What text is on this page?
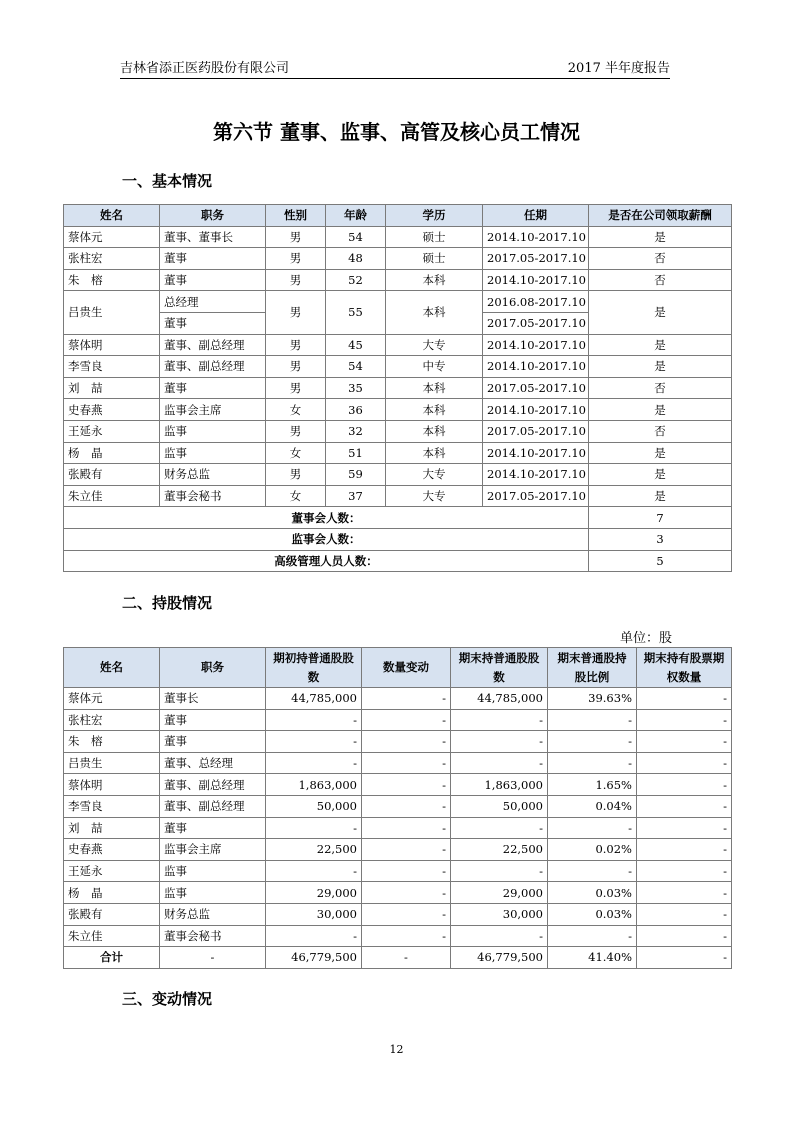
吉林省添正医药股份有限公司	2017 半年度报告
第六节 董事、监事、高管及核心员工情况
一、基本情况
姓名	职务	性别	年龄	学历	任期	是否在公司领取薪酬
蔡体元	董事、董事长	男	54	硕士	2014.10-2017.10	是
张柱宏	董事	男	48	硕士	2017.05-2017.10	否
朱　榕	董事	男	52	本科	2014.10-2017.10	否
吕贵生	总经理	男	55	本科	2016.08-2017.10	是
	董事				2017.05-2017.10	
蔡体明	董事、副总经理	男	45	大专	2014.10-2017.10	是
李雪良	董事、副总经理	男	54	中专	2014.10-2017.10	是
刘　喆	董事	男	35	本科	2017.05-2017.10	否
史春燕	监事会主席	女	36	本科	2014.10-2017.10	是
王延永	监事	男	32	本科	2017.05-2017.10	否
杨　晶	监事	女	51	本科	2014.10-2017.10	是
张殿有	财务总监	男	59	大专	2014.10-2017.10	是
朱立佳	董事会秘书	女	37	大专	2017.05-2017.10	是
董事会人数：						7
监事会人数：						3
高级管理人员人数：						5
二、持股情况
单位：股
姓名	职务	期初持普通股股数	数量变动	期末持普通股股数	期末普通股持股比例	期末持有股票期权数量
蔡体元	董事长	44,785,000	-	44,785,000	39.63%	-
张柱宏	董事	-	-	-	-	-
朱　榕	董事	-	-	-	-	-
吕贵生	董事、总经理	-	-	-	-	-
蔡体明	董事、副总经理	1,863,000	-	1,863,000	1.65%	-
李雪良	董事、副总经理	50,000	-	50,000	0.04%	-
刘　喆	董事	-	-	-	-	-
史春燕	监事会主席	22,500	-	22,500	0.02%	-
王延永	监事	-	-	-	-	-
杨　晶	监事	29,000	-	29,000	0.03%	-
张殿有	财务总监	30,000	-	30,000	0.03%	-
朱立佳	董事会秘书	-	-	-	-	-
合计	-	46,779,500	-	46,779,500	41.40%	-
三、变动情况
12
